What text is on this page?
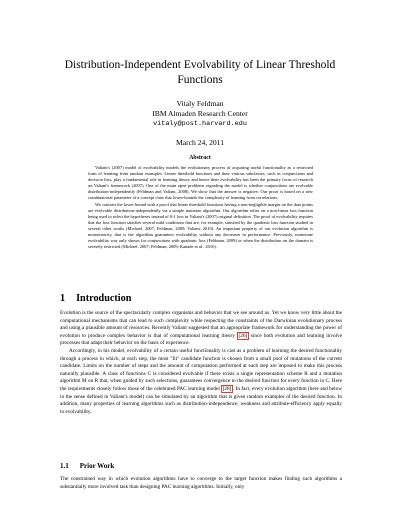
Distribution-Independent Evolvability of Linear Threshold
Functions
Vitaly Feldman
IBM Almaden Research Center
vitaly@post.harvard.edu
March 24, 2011
Abstract

Valiant's (2007) model of evolvability models the evolutionary process of acquiring useful functionality as a restricted form of learning from random examples. Linear threshold functions and their various subclasses, such as conjunctions and decision lists, play a fundamental role in learning theory and hence their evolvability has been the primary focus of research on Valiant's framework (2007). One of the main open problems regarding the model is whether conjunctions are evolvable distribution-independently (Feldman and Valiant, 2008). We show that the answer is negative. Our proof is based on a new combinatorial parameter of a concept class that lower-bounds the complexity of learning from correlations.

We contrast the lower bound with a proof that linear threshold functions having a non-negligible margin on the data points are evolvable distribution-independently via a simple mutation algorithm. Our algorithm relies on a non-linear loss function being used to select the hypotheses instead of 0-1 loss in Valiant's (2007) original definition. The proof of evolvability requires that the loss function satisfies several mild conditions that are, for example, satisfied by the quadratic loss function studied in several other works (Michael, 2007; Feldman, 2009; Valiant, 2010). An important property of our evolution algorithm is monotonicity, that is the algorithm guarantees evolvability without any decreases in performance. Previously, monotone evolvability was only shown for conjunctions with quadratic loss (Feldman, 2009) or when the distribution on the domain is severely restricted (Michael, 2007; Feldman, 2009; Kanade et al., 2010).

1 Introduction

Evolution is the source of the spectacularly complex organisms and behavior that we see around us. Yet we know very little about the computational mechanisms that can lead to such complexity while respecting the constraints of the Darwinian evolutionary process and using a plausible amount of resources. Recently Valiant suggested that an appropriate framework for understanding the power of evolution to produce complex behavior is that of computational learning theory [26] since both evolution and learning involve processes that adapt their behavior on the basis of experience.

Accordingly, in his model, evolvability of a certain useful functionality is cast as a problem of learning the desired functionality through a process in which, at each step, the most "fit" candidate function is chosen from a small pool of mutations of the current candidate. Limits on the number of steps and the amount of computation performed at each step are imposed to make this process naturally plausible. A class of functions C is considered evolvable if there exists a single representation scheme R and a mutation algorithm M on R that, when guided by such selections, guarantees convergence to the desired function for every function in C. Here the requirements closely follow those of the celebrated PAC learning model [28] . In fact, every evolution algorithm (here and below in the sense defined in Valiant's model) can be simulated by an algorithm that is given random examples of the desired function. In addition, many properties of learning algorithms such as distribution-independence, weakness and attribute-efficiency apply equally to evolvability.

1.1 Prior Work

The constrained way in which evolution algorithms have to converge to the target function makes finding such algorithms a substantially more involved task than designing PAC learning algorithms. Initially, only
